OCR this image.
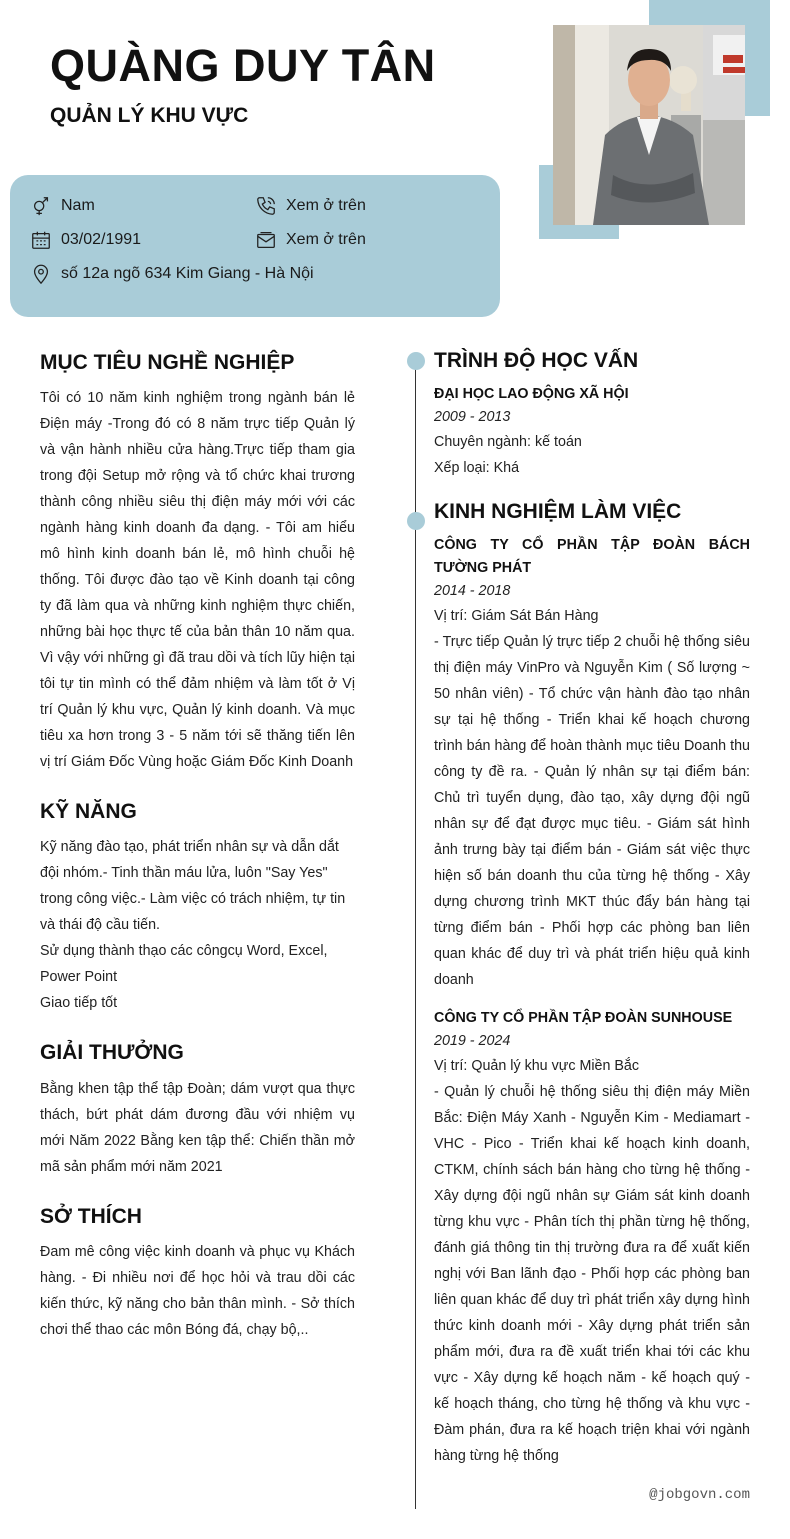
QUÀNG DUY TÂN
QUẢN LÝ KHU VỰC
Nam	Xem ở trên
03/02/1991	Xem ở trên
số 12a ngõ 634 Kim Giang - Hà Nội
MỤC TIÊU NGHỀ NGHIỆP
Tôi có 10 năm kinh nghiệm trong ngành bán lẻ Điện máy -Trong đó có 8 năm trực tiếp Quản lý và vận hành nhiều cửa hàng.Trực tiếp tham gia trong đội Setup mở rộng và tổ chức khai trương thành công nhiều siêu thị điện máy mới với các ngành hàng kinh doanh đa dạng. - Tôi am hiểu mô hình kinh doanh bán lẻ, mô hình chuỗi hệ thống. Tôi được đào tạo về Kinh doanh tại công ty đã làm qua và những kinh nghiệm thực chiến, những bài học thực tế của bản thân 10 năm qua. Vì vậy với những gì đã trau dồi và tích lũy hiện tại tôi tự tin mình có thể đảm nhiệm và làm tốt ở Vị trí Quản lý khu vực, Quản lý kinh doanh. Và mục tiêu xa hơn trong 3 - 5 năm tới sẽ thăng tiến lên vị trí Giám Đốc Vùng hoặc Giám Đốc Kinh Doanh
KỸ NĂNG
Kỹ năng đào tạo, phát triển nhân sự và dẫn dắt đội nhóm.- Tinh thần máu lửa, luôn "Say Yes" trong công việc.- Làm việc có trách nhiệm, tự tin và thái độ cầu tiến.
Sử dụng thành thạo các côngcụ Word, Excel, Power Point
Giao tiếp tốt
GIẢI THƯỞNG
Bằng khen tập thể tập Đoàn; dám vượt qua thực thách, bứt phát dám đương đầu với nhiệm vụ mới Năm 2022 Bằng ken tập thể: Chiến thần mở mã sản phẩm mới năm 2021
SỞ THÍCH
Đam mê công việc kinh doanh và phục vụ Khách hàng. - Đi nhiều nơi để học hỏi và trau dồi các kiến thức, kỹ năng cho bản thân mình. - Sở thích chơi thể thao các môn Bóng đá, chạy bộ,..
TRÌNH ĐỘ HỌC VẤN
ĐẠI HỌC LAO ĐỘNG XÃ HỘI
2009 - 2013
Chuyên ngành: kế toán
Xếp loại: Khá
KINH NGHIỆM LÀM VIỆC
CÔNG TY CỔ PHẦN TẬP ĐOÀN BÁCH TƯỜNG PHÁT
2014 - 2018
Vị trí: Giám Sát Bán Hàng
- Trực tiếp Quản lý trực tiếp 2 chuỗi hệ thống siêu thị điện máy VinPro và Nguyễn Kim ( Số lượng ~ 50 nhân viên) - Tổ chức vận hành đào tạo nhân sự tại hệ thống - Triển khai kế hoạch chương trình bán hàng để hoàn thành mục tiêu Doanh thu công ty đề ra. - Quản lý nhân sự tại điểm bán: Chủ trì tuyển dụng, đào tạo, xây dựng đội ngũ nhân sự để đạt được mục tiêu. - Giám sát hình ảnh trưng bày tại điểm bán - Giám sát việc thực hiện số bán doanh thu của từng hệ thống - Xây dựng chương trình MKT thúc đẩy bán hàng tại từng điểm bán - Phối hợp các phòng ban liên quan khác để duy trì và phát triển hiệu quả kinh doanh
CÔNG TY CỔ PHẦN TẬP ĐOÀN SUNHOUSE
2019 - 2024
Vị trí: Quản lý khu vực Miền Bắc
- Quản lý chuỗi hệ thống siêu thị điện máy Miền Bắc: Điện Máy Xanh - Nguyễn Kim - Mediamart - VHC - Pico - Triển khai kế hoạch kinh doanh, CTKM, chính sách bán hàng cho từng hệ thống - Xây dựng đội ngũ nhân sự Giám sát kinh doanh từng khu vực - Phân tích thị phần từng hệ thống, đánh giá thông tin thị trường đưa ra để xuất kiến nghị với Ban lãnh đạo - Phối hợp các phòng ban liên quan khác để duy trì phát triển xây dựng hình thức kinh doanh mới - Xây dựng phát triển sản phẩm mới, đưa ra đề xuất triển khai tới các khu vực - Xây dựng kế hoạch năm - kế hoạch quý - kế hoạch tháng, cho từng hệ thống và khu vực - Đàm phán, đưa ra kế hoạch triện khai với ngành hàng từng hệ thống
@jobgovn.com
